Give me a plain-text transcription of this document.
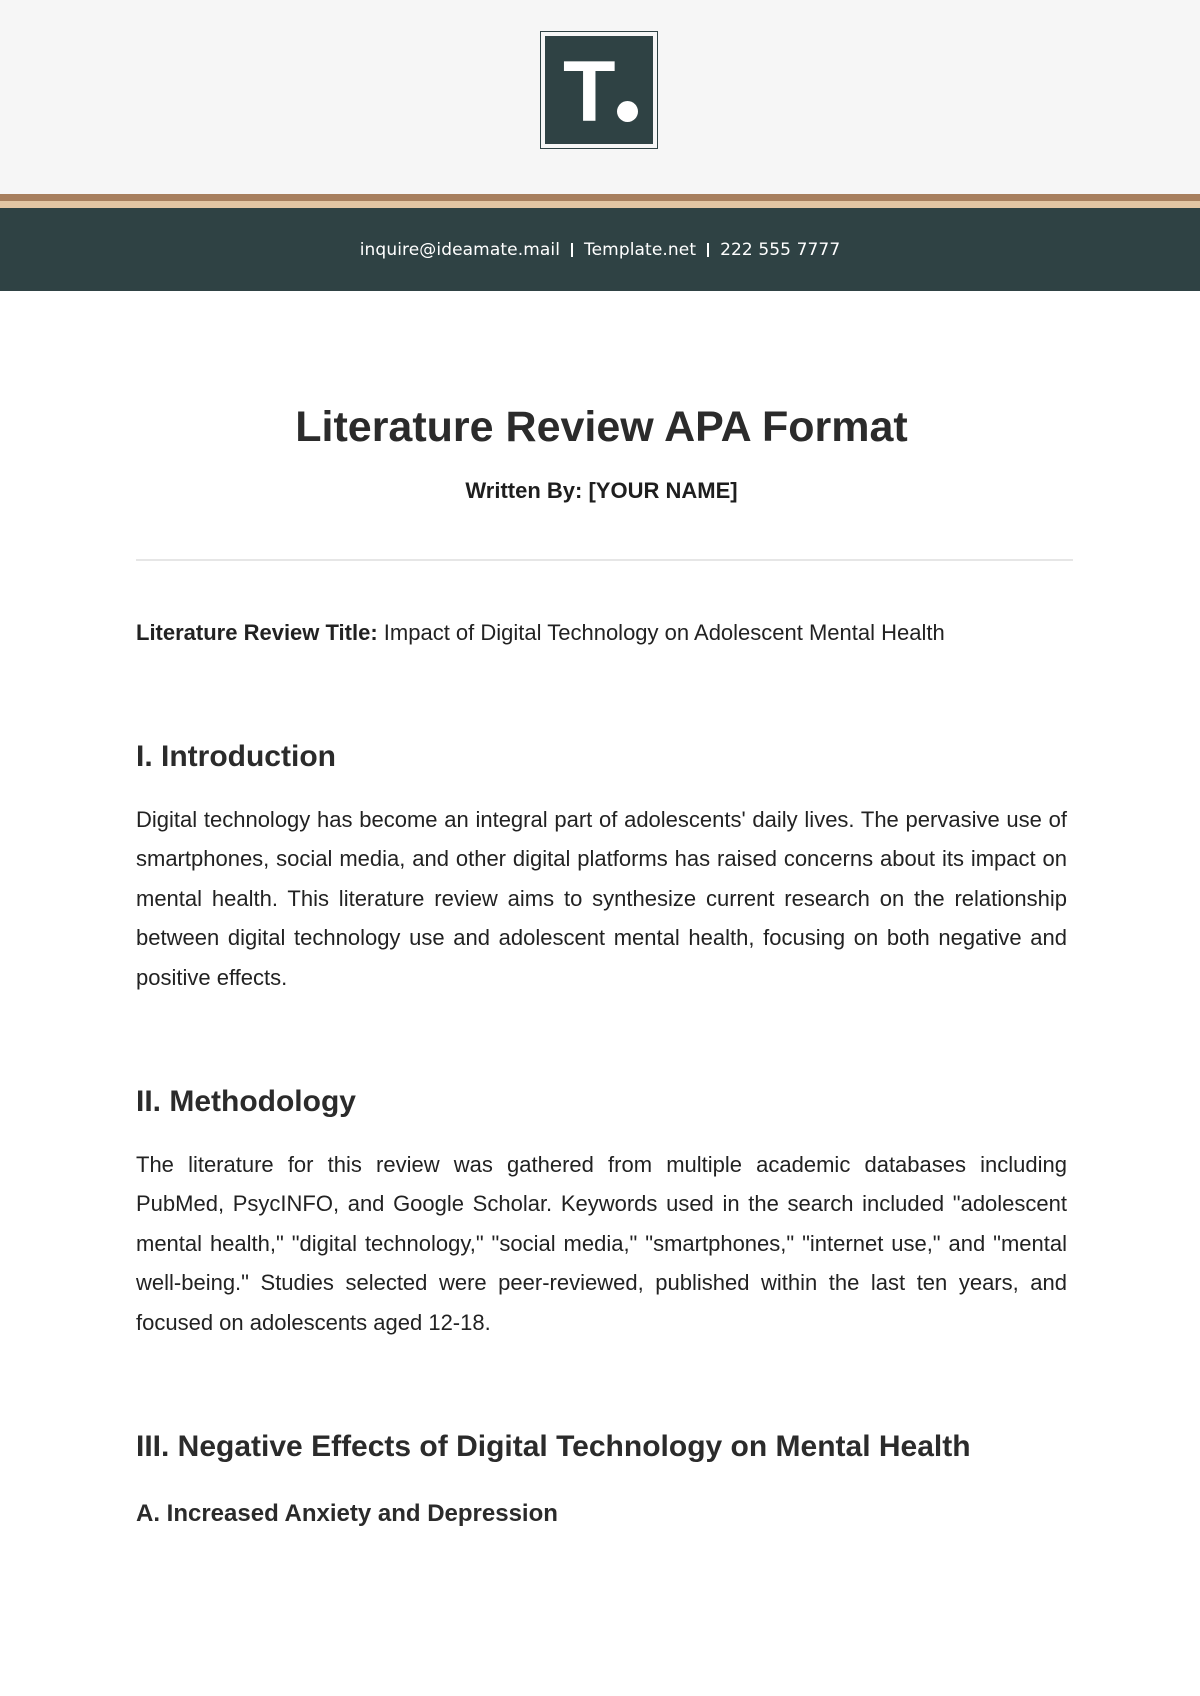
T
inquire@ideamate.mail Template.net 222 555 7777
Literature Review APA Format
Written By: [YOUR NAME]
Literature Review Title: Impact of Digital Technology on Adolescent Mental Health
I. Introduction

Digital technology has become an integral part of adolescents' daily lives. The pervasive use of smartphones, social media, and other digital platforms has raised concerns about its impact on mental health. This literature review aims to synthesize current research on the relationship between digital technology use and adolescent mental health, focusing on both negative and positive effects.

II. Methodology

The literature for this review was gathered from multiple academic databases including PubMed, PsycINFO, and Google Scholar. Keywords used in the search included "adolescent mental health," "digital technology," "social media," "smartphones," "internet use," and "mental well-being." Studies selected were peer-reviewed, published within the last ten years, and focused on adolescents aged 12-18.

III. Negative Effects of Digital Technology on Mental Health
A. Increased Anxiety and Depression
